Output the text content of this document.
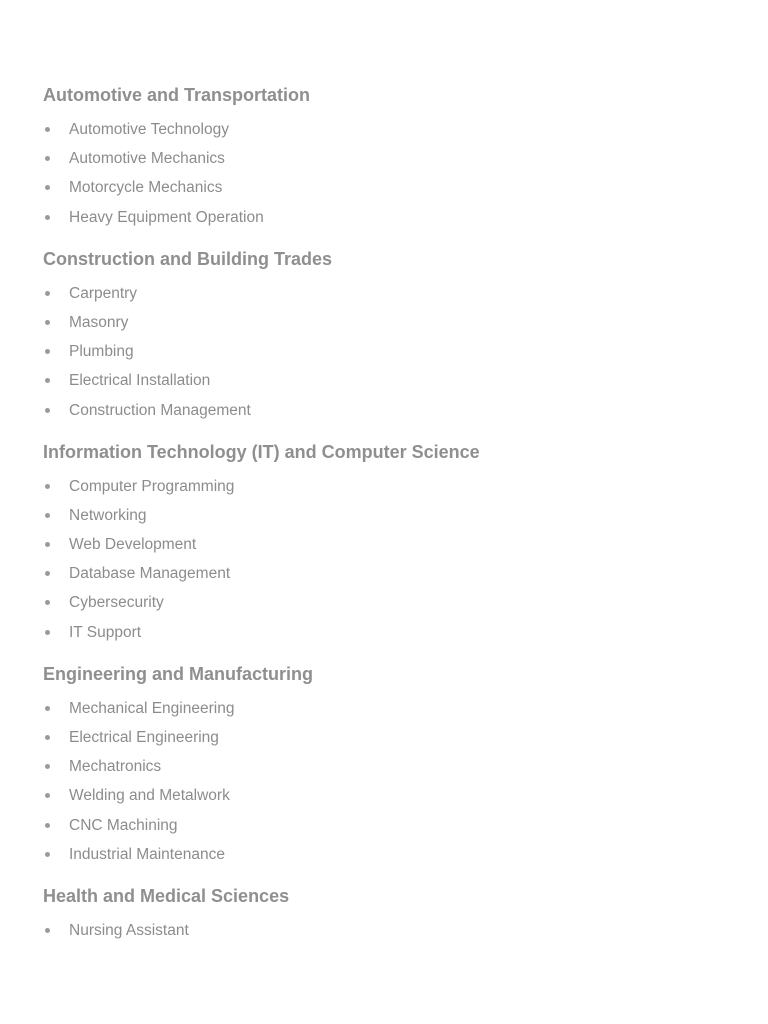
Automotive and Transportation
Automotive Technology
Automotive Mechanics
Motorcycle Mechanics
Heavy Equipment Operation
Construction and Building Trades
Carpentry
Masonry
Plumbing
Electrical Installation
Construction Management
Information Technology (IT) and Computer Science
Computer Programming
Networking
Web Development
Database Management
Cybersecurity
IT Support
Engineering and Manufacturing
Mechanical Engineering
Electrical Engineering
Mechatronics
Welding and Metalwork
CNC Machining
Industrial Maintenance
Health and Medical Sciences
Nursing Assistant
